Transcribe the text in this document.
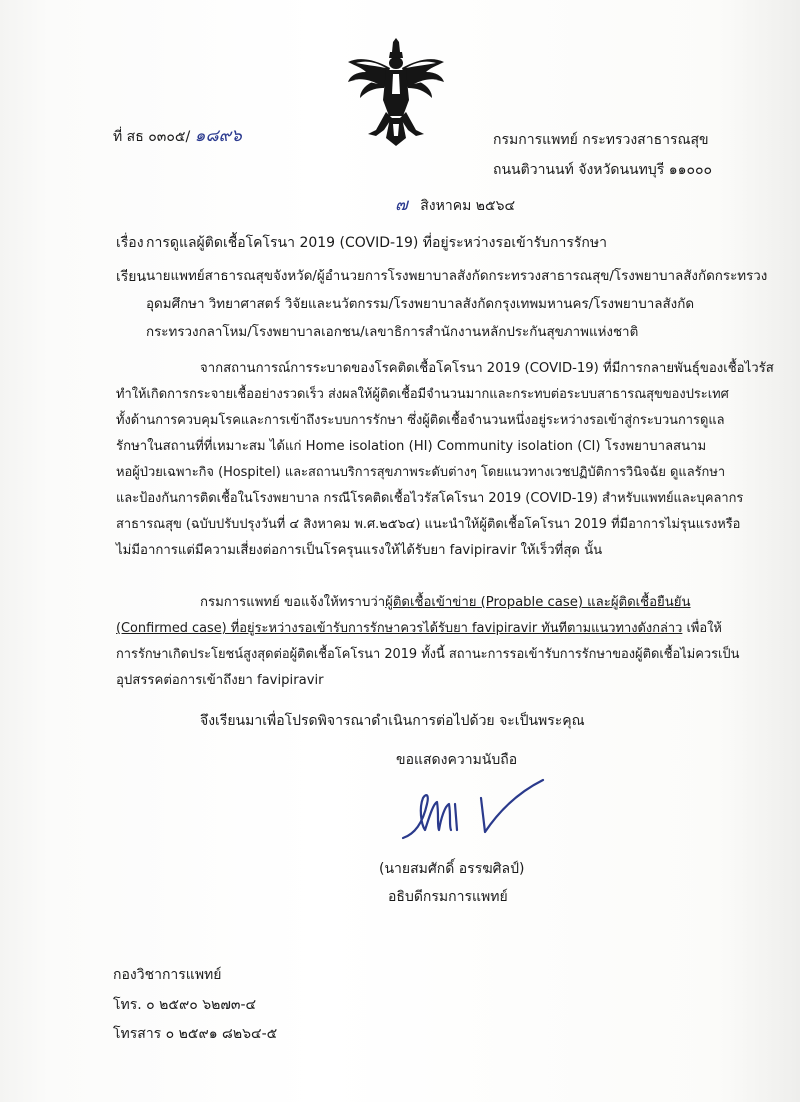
ที่ สธ ๐๓๐๕/ ๑๘๙๖	กรมการแพทย์ กระทรวงสาธารณสุข
ถนนติวานนท์ จังหวัดนนทบุรี ๑๑๐๐๐
๗ สิงหาคม ๒๕๖๔
เรื่อง การดูแลผู้ติดเชื้อโคโรนา 2019 (COVID-19) ที่อยู่ระหว่างรอเข้ารับการรักษา
เรียน นายแพทย์สาธารณสุขจังหวัด/ผู้อำนวยการโรงพยาบาลสังกัดกระทรวงสาธารณสุข/โรงพยาบาลสังกัดกระทรวง
อุดมศึกษา วิทยาศาสตร์ วิจัยและนวัตกรรม/โรงพยาบาลสังกัดกรุงเทพมหานคร/โรงพยาบาลสังกัด
กระทรวงกลาโหม/โรงพยาบาลเอกชน/เลขาธิการสำนักงานหลักประกันสุขภาพแห่งชาติ
จากสถานการณ์การระบาดของโรคติดเชื้อโคโรนา 2019 (COVID-19) ที่มีการกลายพันธุ์ของเชื้อไวรัส
ทำให้เกิดการกระจายเชื้ออย่างรวดเร็ว ส่งผลให้ผู้ติดเชื้อมีจำนวนมากและกระทบต่อระบบสาธารณสุขของประเทศ
ทั้งด้านการควบคุมโรคและการเข้าถึงระบบการรักษา ซึ่งผู้ติดเชื้อจำนวนหนึ่งอยู่ระหว่างรอเข้าสู่กระบวนการดูแล
รักษาในสถานที่ที่เหมาะสม ได้แก่ Home isolation (HI) Community isolation (CI) โรงพยาบาลสนาม
หอผู้ป่วยเฉพาะกิจ (Hospitel) และสถานบริการสุขภาพระดับต่างๆ โดยแนวทางเวชปฏิบัติการวินิจฉัย ดูแลรักษา
และป้องกันการติดเชื้อในโรงพยาบาล กรณีโรคติดเชื้อไวรัสโคโรนา 2019 (COVID-19) สำหรับแพทย์และบุคลากร
สาธารณสุข (ฉบับปรับปรุงวันที่ ๔ สิงหาคม พ.ศ.๒๕๖๔) แนะนำให้ผู้ติดเชื้อโคโรนา 2019 ที่มีอาการไม่รุนแรงหรือ
ไม่มีอาการแต่มีความเสี่ยงต่อการเป็นโรครุนแรงให้ได้รับยา favipiravir ให้เร็วที่สุด นั้น
กรมการแพทย์ ขอแจ้งให้ทราบว่าผู้ติดเชื้อเข้าข่าย (Propable case) และผู้ติดเชื้อยืนยัน
(Confirmed case) ที่อยู่ระหว่างรอเข้ารับการรักษาควรได้รับยา favipiravir ทันทีตามแนวทางดังกล่าว เพื่อให้
การรักษาเกิดประโยชน์สูงสุดต่อผู้ติดเชื้อโคโรนา 2019 ทั้งนี้ สถานะการรอเข้ารับการรักษาของผู้ติดเชื้อไม่ควรเป็น
อุปสรรคต่อการเข้าถึงยา favipiravir
จึงเรียนมาเพื่อโปรดพิจารณาดำเนินการต่อไปด้วย จะเป็นพระคุณ
ขอแสดงความนับถือ
(นายสมศักดิ์ อรรฆศิลป์)
อธิบดีกรมการแพทย์
กองวิชาการแพทย์
โทร. ๐ ๒๕๙๐ ๖๒๗๓-๔
โทรสาร ๐ ๒๕๙๑ ๘๒๖๔-๕
